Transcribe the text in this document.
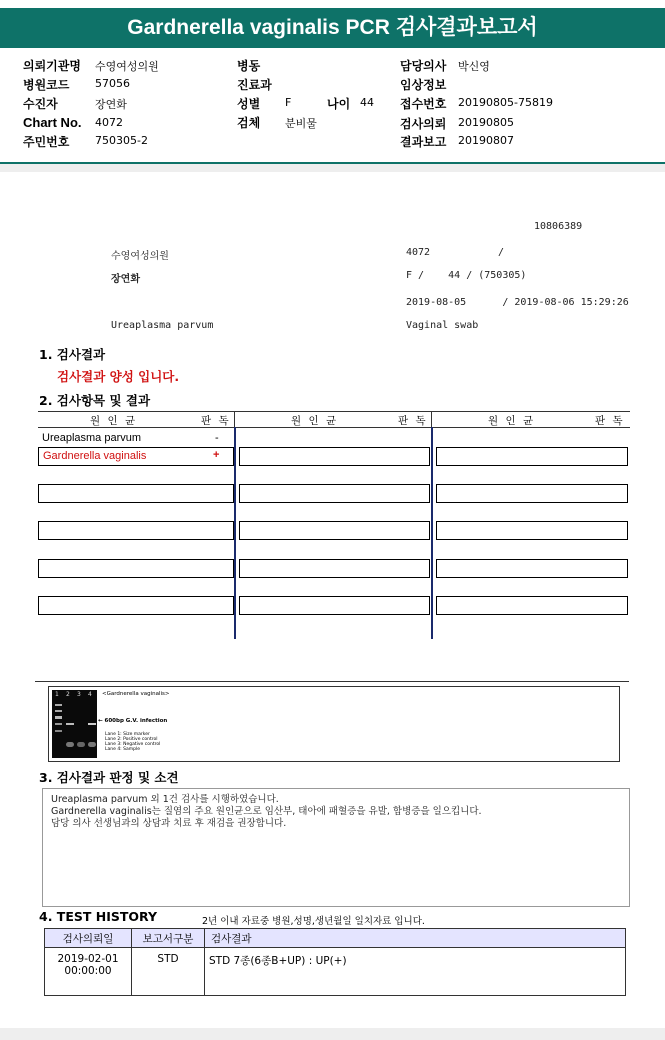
Gardnerella vaginalis PCR 검사결과보고서
의뢰기관명 수영여성의원
병원코드 57056
수진자	장연화
Chart No. 4072
주민번호 750305-2
병동
진료과
성별 F	나이 44
검체 분비물
담당의사 박신영
임상정보
접수번호 20190805-75819
검사의뢰 20190805
결과보고 20190807
10806389
수영여성의원	4072	/
장연화	F /    44 / (750305)
2019-08-05      / 2019-08-06 15:29:26
Ureaplasma parvum	Vaginal swab
1. 검사결과
검사결과 양성 입니다.
2. 검사항목 및 결과
원 인 균	판 독	원 인 균	판 독	원 인 균	판 독
Ureaplasma parvum	-
Gardnerella vaginalis	+
1 2 3 4 <Gardnerella vaginalis>
← 600bp G.V. infection
Lane 1: Size marker
Lane 2: Positive control
Lane 3: Negative control
Lane 4: Sample
3. 검사결과 판정 및 소견
Ureaplasma parvum 외 1건 검사를 시행하였습니다.
Gardnerella vaginalis는 질염의 주요 원인균으로 임산부, 태아에 패혈증을 유발, 합병증을 일으킵니다.
담당 의사 선생님과의 상담과 치료 후 재검을 권장합니다.
4. TEST HISTORY	2년 이내 자료중 병원,성명,생년월일 일치자료 입니다.
검사의뢰일	보고서구분	검사결과

2019-02-01
00:00:00	STD	STD 7종(6종B+UP) : UP(+)
